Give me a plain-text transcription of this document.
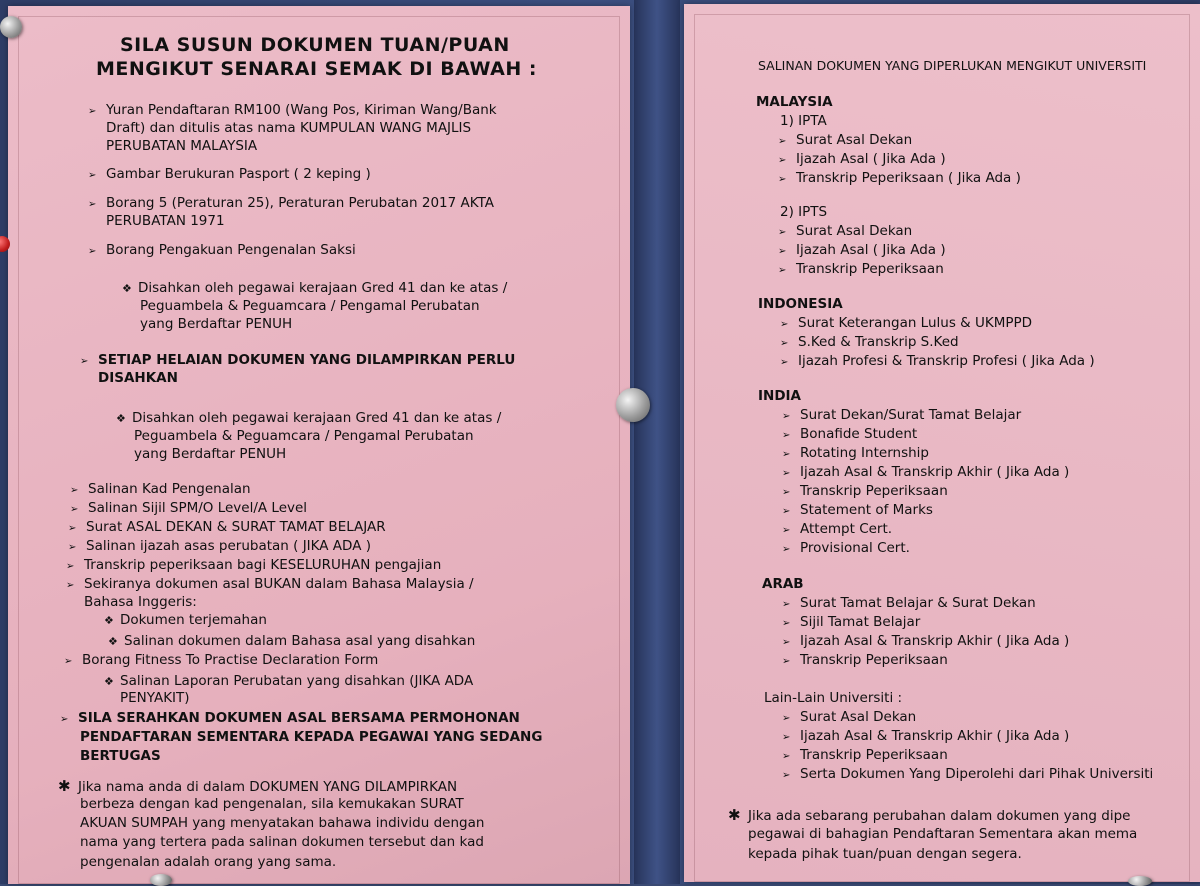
SILA SUSUN DOKUMEN TUAN/PUAN
MENGIKUT SENARAI SEMAK DI BAWAH :
➢ Yuran Pendaftaran RM100 (Wang Pos, Kiriman Wang/Bank
Draft) dan ditulis atas nama KUMPULAN WANG MAJLIS
PERUBATAN MALAYSIA
➢ Gambar Berukuran Pasport ( 2 keping )
➢ Borang 5 (Peraturan 25), Peraturan Perubatan 2017 AKTA
PERUBATAN 1971
➢ Borang Pengakuan Pengenalan Saksi
❖ Disahkan oleh pegawai kerajaan Gred 41 dan ke atas /
Peguambela & Peguamcara / Pengamal Perubatan
yang Berdaftar PENUH
➢ SETIAP HELAIAN DOKUMEN YANG DILAMPIRKAN PERLU
DISAHKAN
❖ Disahkan oleh pegawai kerajaan Gred 41 dan ke atas /
Peguambela & Peguamcara / Pengamal Perubatan
yang Berdaftar PENUH
➢ Salinan Kad Pengenalan
➢ Salinan Sijil SPM/O Level/A Level
➢ Surat ASAL DEKAN & SURAT TAMAT BELAJAR
➢ Salinan ijazah asas perubatan ( JIKA ADA )
➢ Transkrip peperiksaan bagi KESELURUHAN pengajian
➢ Sekiranya dokumen asal BUKAN dalam Bahasa Malaysia /
Bahasa Inggeris:
❖ Dokumen terjemahan
❖ Salinan dokumen dalam Bahasa asal yang disahkan
➢ Borang Fitness To Practise Declaration Form
❖ Salinan Laporan Perubatan yang disahkan (JIKA ADA
PENYAKIT)
➢ SILA SERAHKAN DOKUMEN ASAL BERSAMA PERMOHONAN
PENDAFTARAN SEMENTARA KEPADA PEGAWAI YANG SEDANG
BERTUGAS
✱ Jika nama anda di dalam DOKUMEN YANG DILAMPIRKAN
berbeza dengan kad pengenalan, sila kemukakan SURAT
AKUAN SUMPAH yang menyatakan bahawa individu dengan
nama yang tertera pada salinan dokumen tersebut dan kad
pengenalan adalah orang yang sama.
SALINAN DOKUMEN YANG DIPERLUKAN MENGIKUT UNIVERSITI
MALAYSIA
1) IPTA
➢ Surat Asal Dekan
➢ Ijazah Asal ( Jika Ada )
➢ Transkrip Peperiksaan ( Jika Ada )
2) IPTS
➢ Surat Asal Dekan
➢ Ijazah Asal ( Jika Ada )
➢ Transkrip Peperiksaan
INDONESIA
➢ Surat Keterangan Lulus & UKMPPD
➢ S.Ked & Transkrip S.Ked
➢ Ijazah Profesi & Transkrip Profesi ( Jika Ada )
INDIA
➢ Surat Dekan/Surat Tamat Belajar
➢ Bonafide Student
➢ Rotating Internship
➢ Ijazah Asal & Transkrip Akhir ( Jika Ada )
➢ Transkrip Peperiksaan
➢ Statement of Marks
➢ Attempt Cert.
➢ Provisional Cert.
ARAB
➢ Surat Tamat Belajar & Surat Dekan
➢ Sijil Tamat Belajar
➢ Ijazah Asal & Transkrip Akhir ( Jika Ada )
➢ Transkrip Peperiksaan
Lain-Lain Universiti :
➢ Surat Asal Dekan
➢ Ijazah Asal & Transkrip Akhir ( Jika Ada )
➢ Transkrip Peperiksaan
➢ Serta Dokumen Yang Diperolehi dari Pihak Universiti
✱ Jika ada sebarang perubahan dalam dokumen yang dipe
pegawai di bahagian Pendaftaran Sementara akan mema
kepada pihak tuan/puan dengan segera.
